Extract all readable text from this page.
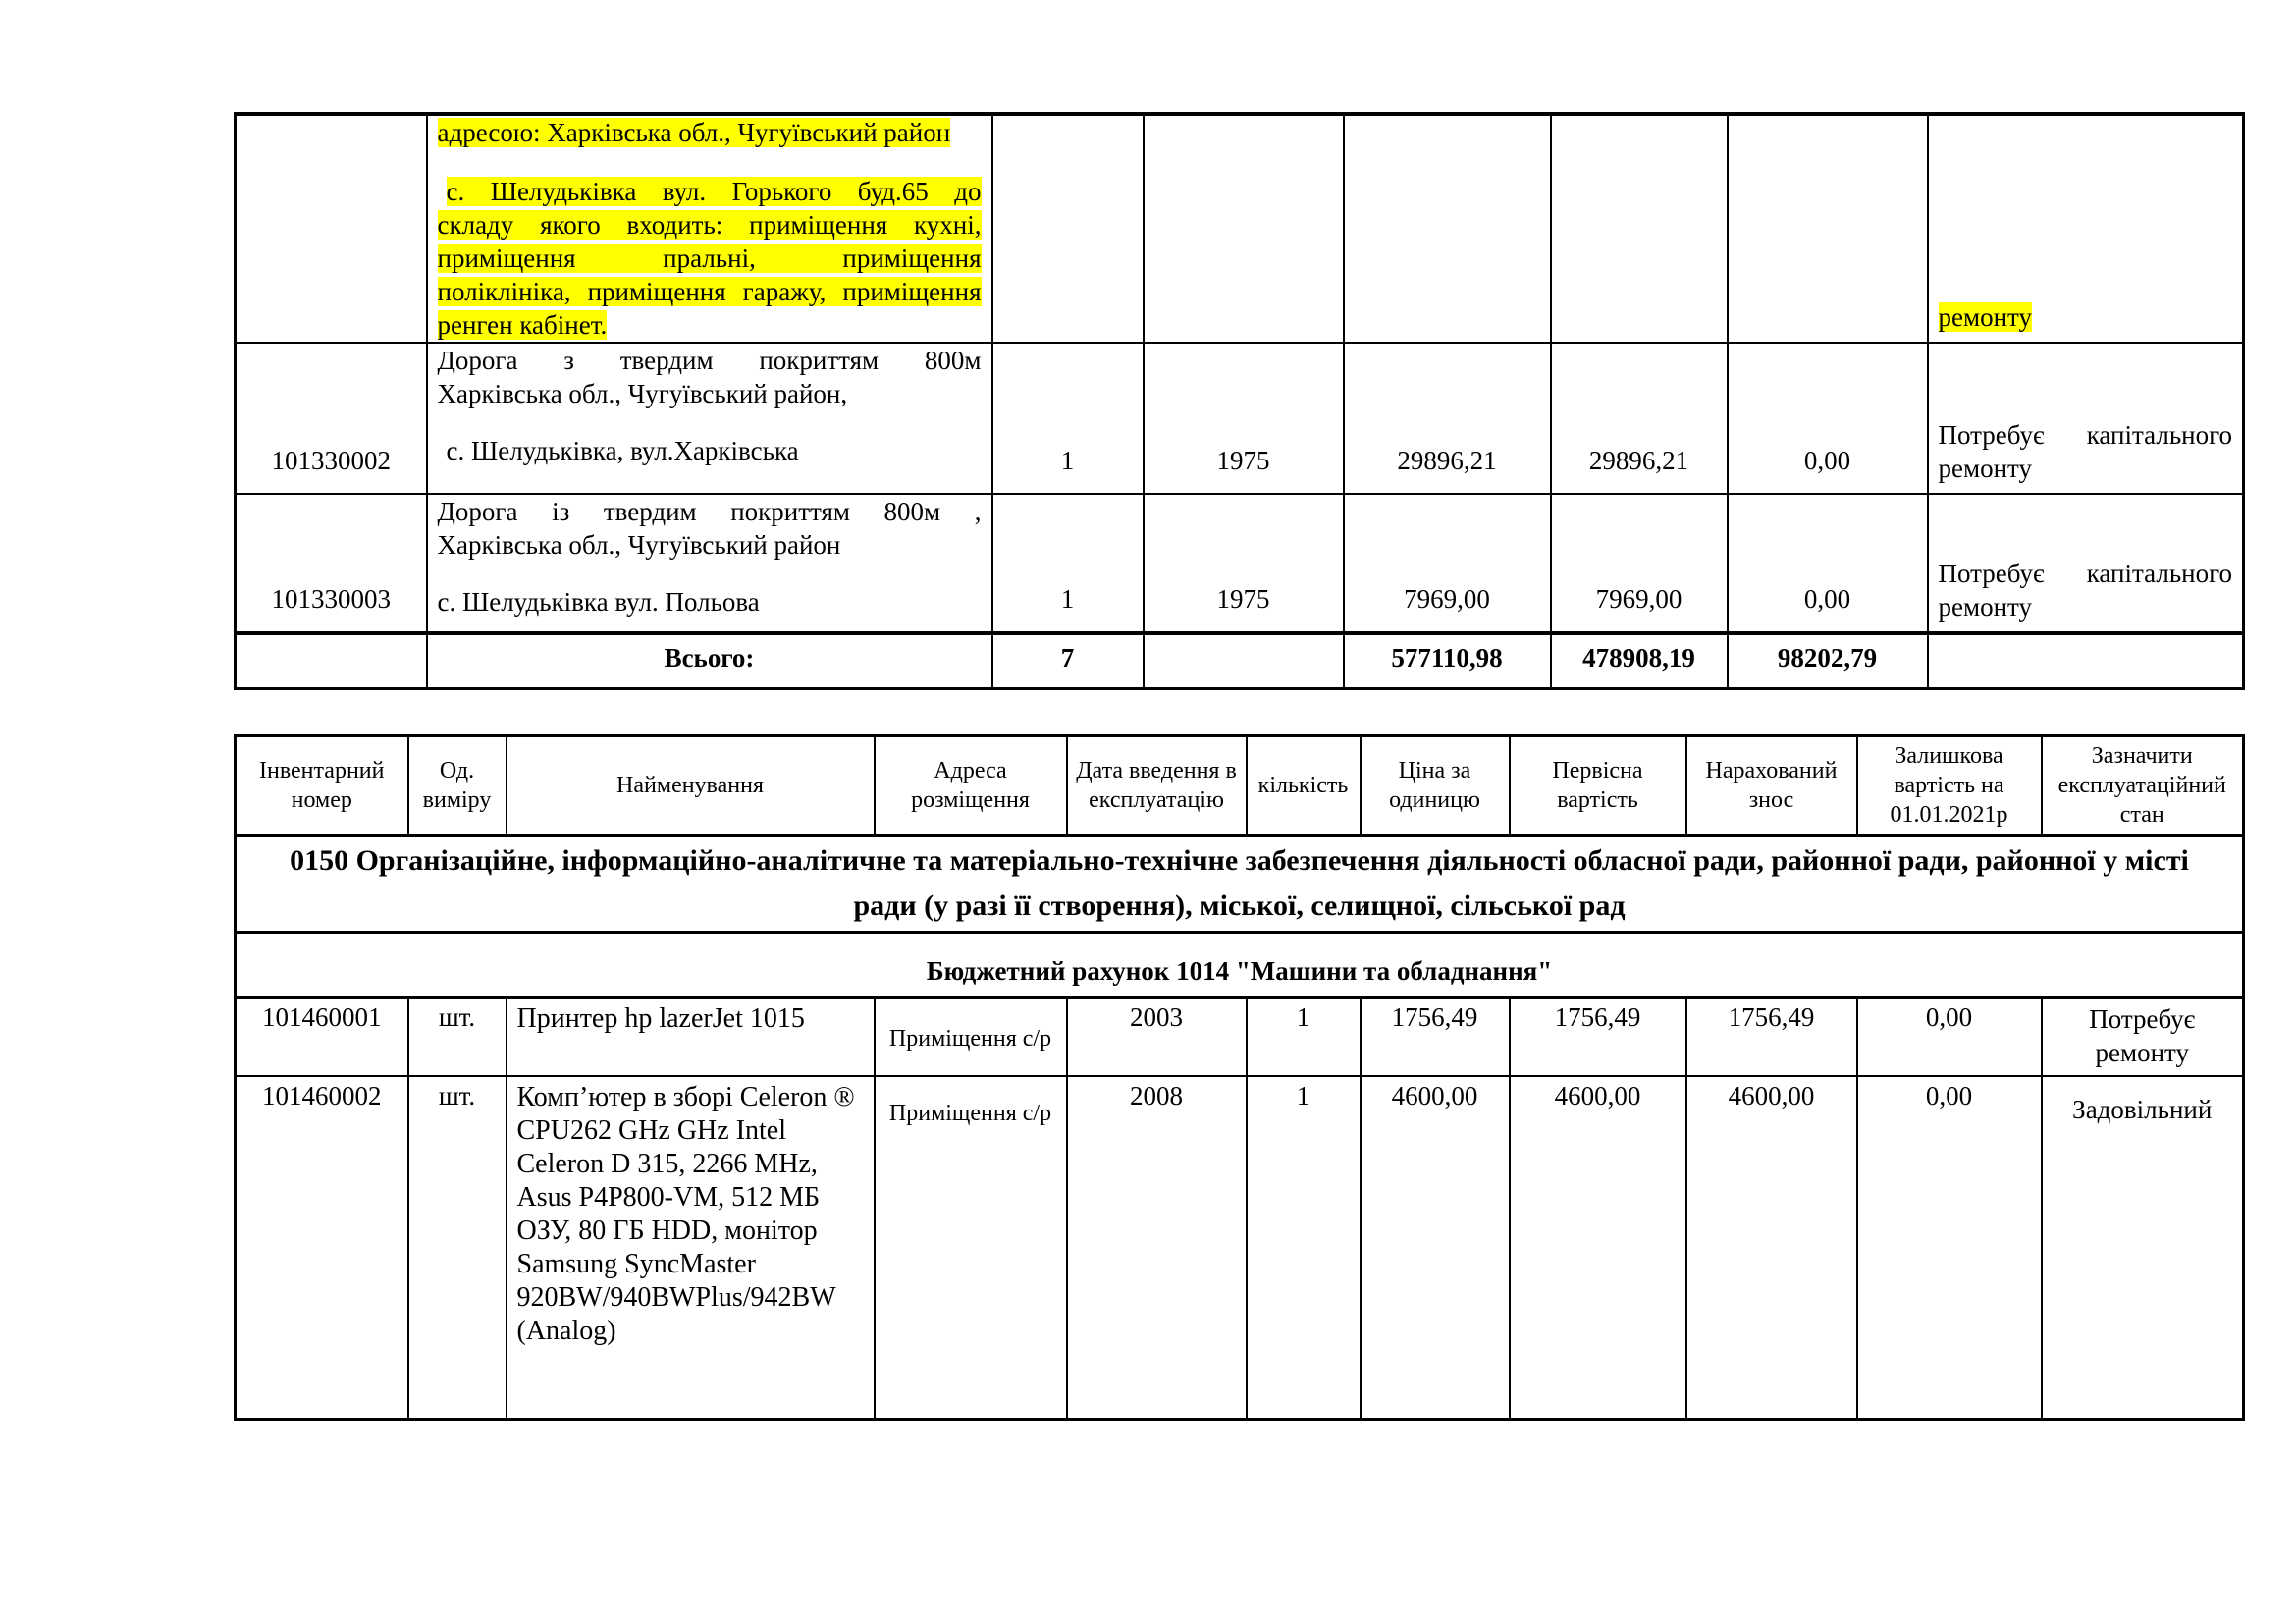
адресою: Харківська обл., Чугуївський район
с. Шелудьківка вул. Горького буд.65 до
складу якого входить: приміщення кухні,
приміщення пральні, приміщення
поліклініка, приміщення гаражу, приміщення
ренген кабінет.						ремонту
101330002	Дорога з твердим покриттям 800м
Харківська обл., Чугуївський район,
с. Шелудьківка, вул.Харківська	1	1975	29896,21	29896,21	0,00	Потребує капітального
ремонту

101330003	Дорога із твердим покриттям 800м ,
Харківська обл., Чугуївський район
с. Шелудьківка вул. Польова	1	1975	7969,00	7969,00	0,00	Потребує капітального
ремонту

	Всього:	7		577110,98	478908,19	98202,79	
Інвентарний номер	Од. виміру	Найменування	Адреса розміщення	Дата введення в експлуатацію	кількість	Ціна за одиницю	Первісна вартість	Нарахований знос	Залишкова вартість на 01.01.2021р	Зазначити експлуатаційний стан
0150 Організаційне, інформаційно-аналітичне та матеріально-технічне забезпечення діяльності обласної ради, районної ради, районної у місті ради (у разі її створення), міської, селищної, сільської рад										
Бюджетний рахунок 1014 "Машини та обладнання"										
101460001	шт.	Принтер hp lazerJet 1015	Приміщення с/р	2003	1	1756,49	1756,49	1756,49	0,00	Потребує ремонту
101460002	шт.	Комп’ютер в зборі Celeron ® CPU262 GHz GHz Intel Celeron D 315, 2266 MHz, Asus P4P800-VM, 512 МБ ОЗУ, 80 ГБ HDD, монітор Samsung SyncMaster 920BW/940BWPlus/942BW (Analog)	Приміщення с/р	2008	1	4600,00	4600,00	4600,00	0,00	Задовільний
